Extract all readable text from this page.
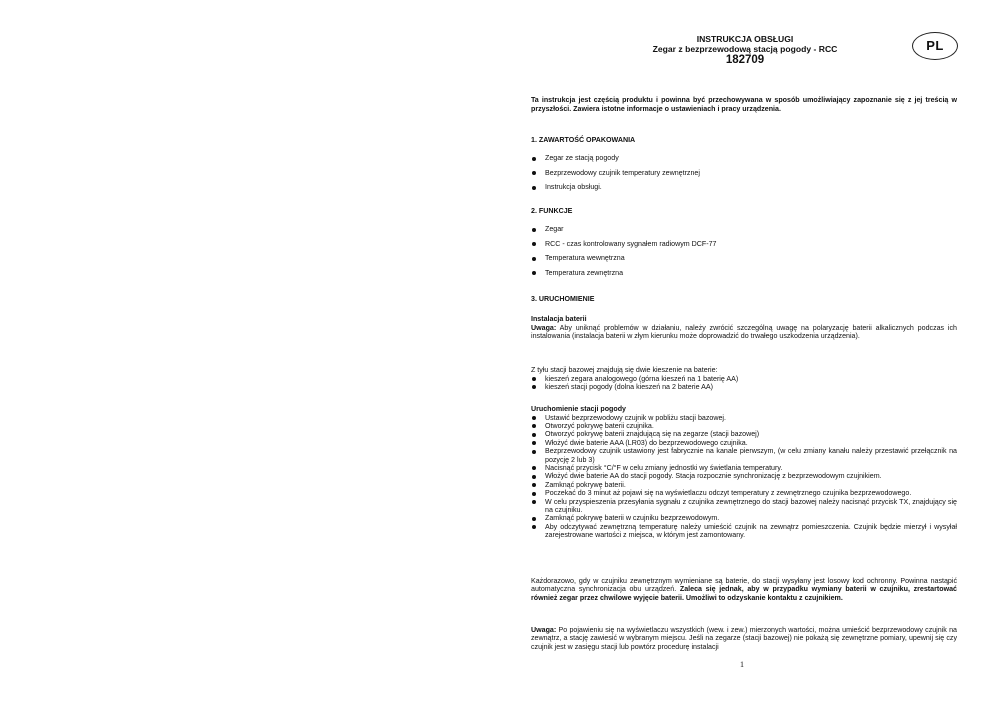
INSTRUKCJA OBSŁUGI
Zegar z bezprzewodową stacją pogody - RCC
182709
PL
Ta instrukcja jest częścią produktu i powinna być przechowywana w sposób umożliwiający zapoznanie się z jej treścią w przyszłości. Zawiera istotne informacje o ustawieniach i pracy urządzenia.
1. ZAWARTOŚĆ OPAKOWANIA
Zegar ze stacją pogody
Bezprzewodowy czujnik temperatury zewnętrznej
Instrukcja obsługi.
2. FUNKCJE
Zegar
RCC - czas kontrolowany sygnałem radiowym DCF-77
Temperatura wewnętrzna
Temperatura zewnętrzna
3. URUCHOMIENIE
Instalacja baterii
Uwaga: Aby uniknąć problemów w działaniu, należy zwrócić szczególną uwagę na polaryzację baterii alkalicznych podczas ich instalowania (instalacja baterii w złym kierunku może doprowadzić do trwałego uszkodzenia urządzenia).
Z tyłu stacji bazowej znajdują się dwie kieszenie na baterie:
kieszeń zegara analogowego (górna kieszeń na 1 baterię AA)
kieszeń stacji pogody (dolna kieszeń na 2 baterie AA)
Uruchomienie stacji pogody
Ustawić bezprzewodowy czujnik w pobliżu stacji bazowej.
Otworzyć pokrywę baterii czujnika.
Otworzyć pokrywę baterii znajdującą się na zegarze (stacji bazowej)
Włożyć dwie baterie AAA (LR03) do bezprzewodowego czujnika.
Bezprzewodowy czujnik ustawiony jest fabrycznie na kanale pierwszym, (w celu zmiany kanału należy przestawić przełącznik na pozycję 2 lub 3)
Nacisnąć przycisk °C/°F w celu zmiany jednostki wy świetlania temperatury.
Włożyć dwie baterie AA do stacji pogody. Stacja rozpocznie synchronizację z bezprzewodowym czujnikiem.
Zamknąć pokrywę baterii.
Poczekać do 3 minut aż pojawi się na wyświetlaczu odczyt temperatury z zewnętrznego czujnika bezprzewodowego.
W celu przyspieszenia przesyłania sygnału z czujnika zewnętrznego do stacji bazowej należy nacisnąć przycisk TX, znajdujący się na czujniku.
Zamknąć pokrywę baterii w czujniku bezprzewodowym.
Aby odczytywać zewnętrzną temperaturę należy umieścić czujnik na zewnątrz pomieszczenia. Czujnik będzie mierzył i wysyłał zarejestrowane wartości z miejsca, w którym jest zamontowany.
Każdorazowo, gdy w czujniku zewnętrznym wymieniane są baterie, do stacji wysyłany jest losowy kod ochronny. Powinna nastąpić automatyczna synchronizacja obu urządzeń. Zaleca się jednak, aby w przypadku wymiany baterii w czujniku, zrestartować również zegar przez chwilowe wyjęcie baterii. Umożliwi to odzyskanie kontaktu z czujnikiem.
Uwaga: Po pojawieniu się na wyświetlaczu wszystkich (wew. i zew.) mierzonych wartości, można umieścić bezprzewodowy czujnik na zewnątrz, a stację zawiesić w wybranym miejscu. Jeśli na zegarze (stacji bazowej) nie pokażą się zewnętrzne pomiary, upewnij się czy czujnik jest w zasięgu stacji lub powtórz procedurę instalacji
1
